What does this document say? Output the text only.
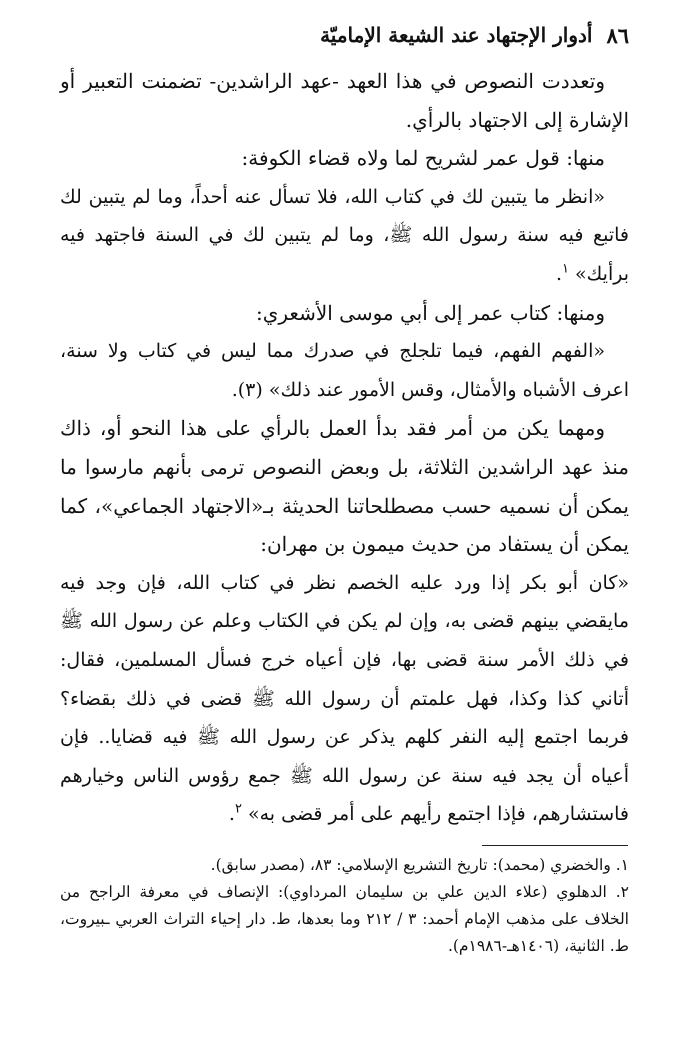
٨٦
أدوار الإجتهاد عند الشيعة الإماميّة

وتعددت النصوص في هذا العهد -عهد الراشدين- تضمنت التعبير أو الإشارة إلى الاجتهاد بالرأي.

منها: قول عمر لشريح لما ولاه قضاء الكوفة:

«انظر ما يتبين لك في كتاب الله، فلا تسأل عنه أحداً، وما لم يتبين لك فاتبع فيه سنة رسول الله ﷺ، وما لم يتبين لك في السنة فاجتهد فيه برأيك» $^١$.

ومنها: كتاب عمر إلى أبي موسى الأشعري:

«الفهم الفهم، فيما تلجلج في صدرك مما ليس في كتاب ولا سنة، اعرف الأشباه والأمثال، وقس الأمور عند ذلك» (٣).

ومهما يكن من أمر فقد بدأ العمل بالرأي على هذا النحو أو، ذاك منذ عهد الراشدين الثلاثة، بل وبعض النصوص ترمى بأنهم مارسوا ما يمكن أن نسميه حسب مصطلحاتنا الحديثة بـ«الاجتهاد الجماعي»، كما يمكن أن يستفاد من حديث ميمون بن مهران:

«كان أبو بكر إذا ورد عليه الخصم نظر في كتاب الله، فإن وجد فيه مايقضي بينهم قضى به، وإن لم يكن في الكتاب وعلم عن رسول الله ﷺ في ذلك الأمر سنة قضى بها، فإن أعياه خرج فسأل المسلمين، فقال: أتاني كذا وكذا، فهل علمتم أن رسول الله ﷺ قضى في ذلك بقضاء؟ فربما اجتمع إليه النفر كلهم يذكر عن رسول الله ﷺ فيه قضايا.. فإن أعياه أن يجد فيه سنة عن رسول الله ﷺ جمع رؤوس الناس وخيارهم فاستشارهم، فإذا اجتمع رأيهم على أمر قضى به» $^٢$.

١. والخضري (محمد): تاريخ التشريع الإسلامي: ٨٣، (مصدر سابق).

٢. الدهلوي (علاء الدين علي بن سليمان المرداوي): الإنصاف في معرفة الراجح من الخلاف على مذهب الإمام أحمد: ٣ / ٢١٢ وما بعدها، ط. دار إحياء التراث العربي ـبيروت، ط. الثانية، (١٤٠٦هـ-١٩٨٦م).
